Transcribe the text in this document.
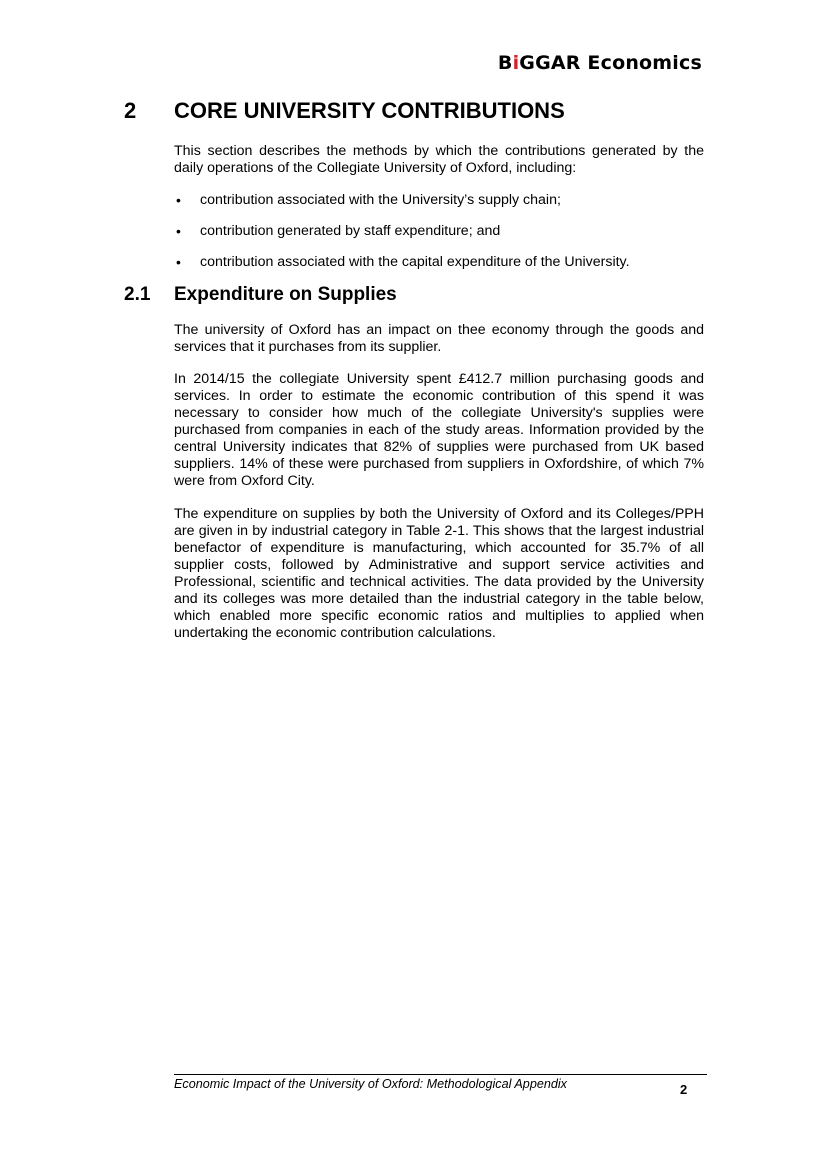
BiGGAR Economics
2 CORE UNIVERSITY CONTRIBUTIONS

This section describes the methods by which the contributions generated by the daily operations of the Collegiate University of Oxford, including:

• contribution associated with the University’s supply chain;
• contribution generated by staff expenditure; and
• contribution associated with the capital expenditure of the University.
2.1 Expenditure on Supplies

The university of Oxford has an impact on thee economy through the goods and services that it purchases from its supplier.

In 2014/15 the collegiate University spent £412.7 million purchasing goods and services. In order to estimate the economic contribution of this spend it was necessary to consider how much of the collegiate University's supplies were purchased from companies in each of the study areas. Information provided by the central University indicates that 82% of supplies were purchased from UK based suppliers. 14% of these were purchased from suppliers in Oxfordshire, of which 7% were from Oxford City.

The expenditure on supplies by both the University of Oxford and its Colleges/PPH are given in by industrial category in Table 2-1. This shows that the largest industrial benefactor of expenditure is manufacturing, which accounted for 35.7% of all supplier costs, followed by Administrative and support service activities and Professional, scientific and technical activities. The data provided by the University and its colleges was more detailed than the industrial category in the table below, which enabled more specific economic ratios and multiplies to applied when undertaking the economic contribution calculations.

Economic Impact of the University of Oxford: Methodological Appendix	2
